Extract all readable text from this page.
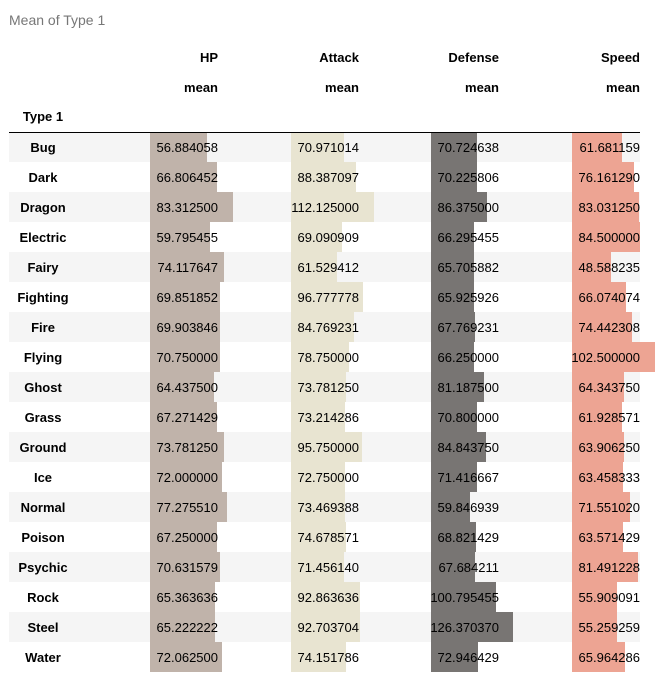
Mean of Type 1
	HP	Attack	Defense	Speed
	mean	mean	mean	mean
Type 1				
Bug	56.884058	70.971014	70.724638	61.681159
Dark	66.806452	88.387097	70.225806	76.161290
Dragon	83.312500	112.125000	86.375000	83.031250
Electric	59.795455	69.090909	66.295455	84.500000
Fairy	74.117647	61.529412	65.705882	48.588235
Fighting	69.851852	96.777778	65.925926	66.074074
Fire	69.903846	84.769231	67.769231	74.442308
Flying	70.750000	78.750000	66.250000	102.500000
Ghost	64.437500	73.781250	81.187500	64.343750
Grass	67.271429	73.214286	70.800000	61.928571
Ground	73.781250	95.750000	84.843750	63.906250
Ice	72.000000	72.750000	71.416667	63.458333
Normal	77.275510	73.469388	59.846939	71.551020
Poison	67.250000	74.678571	68.821429	63.571429
Psychic	70.631579	71.456140	67.684211	81.491228
Rock	65.363636	92.863636	100.795455	55.909091
Steel	65.222222	92.703704	126.370370	55.259259
Water	72.062500	74.151786	72.946429	65.964286
